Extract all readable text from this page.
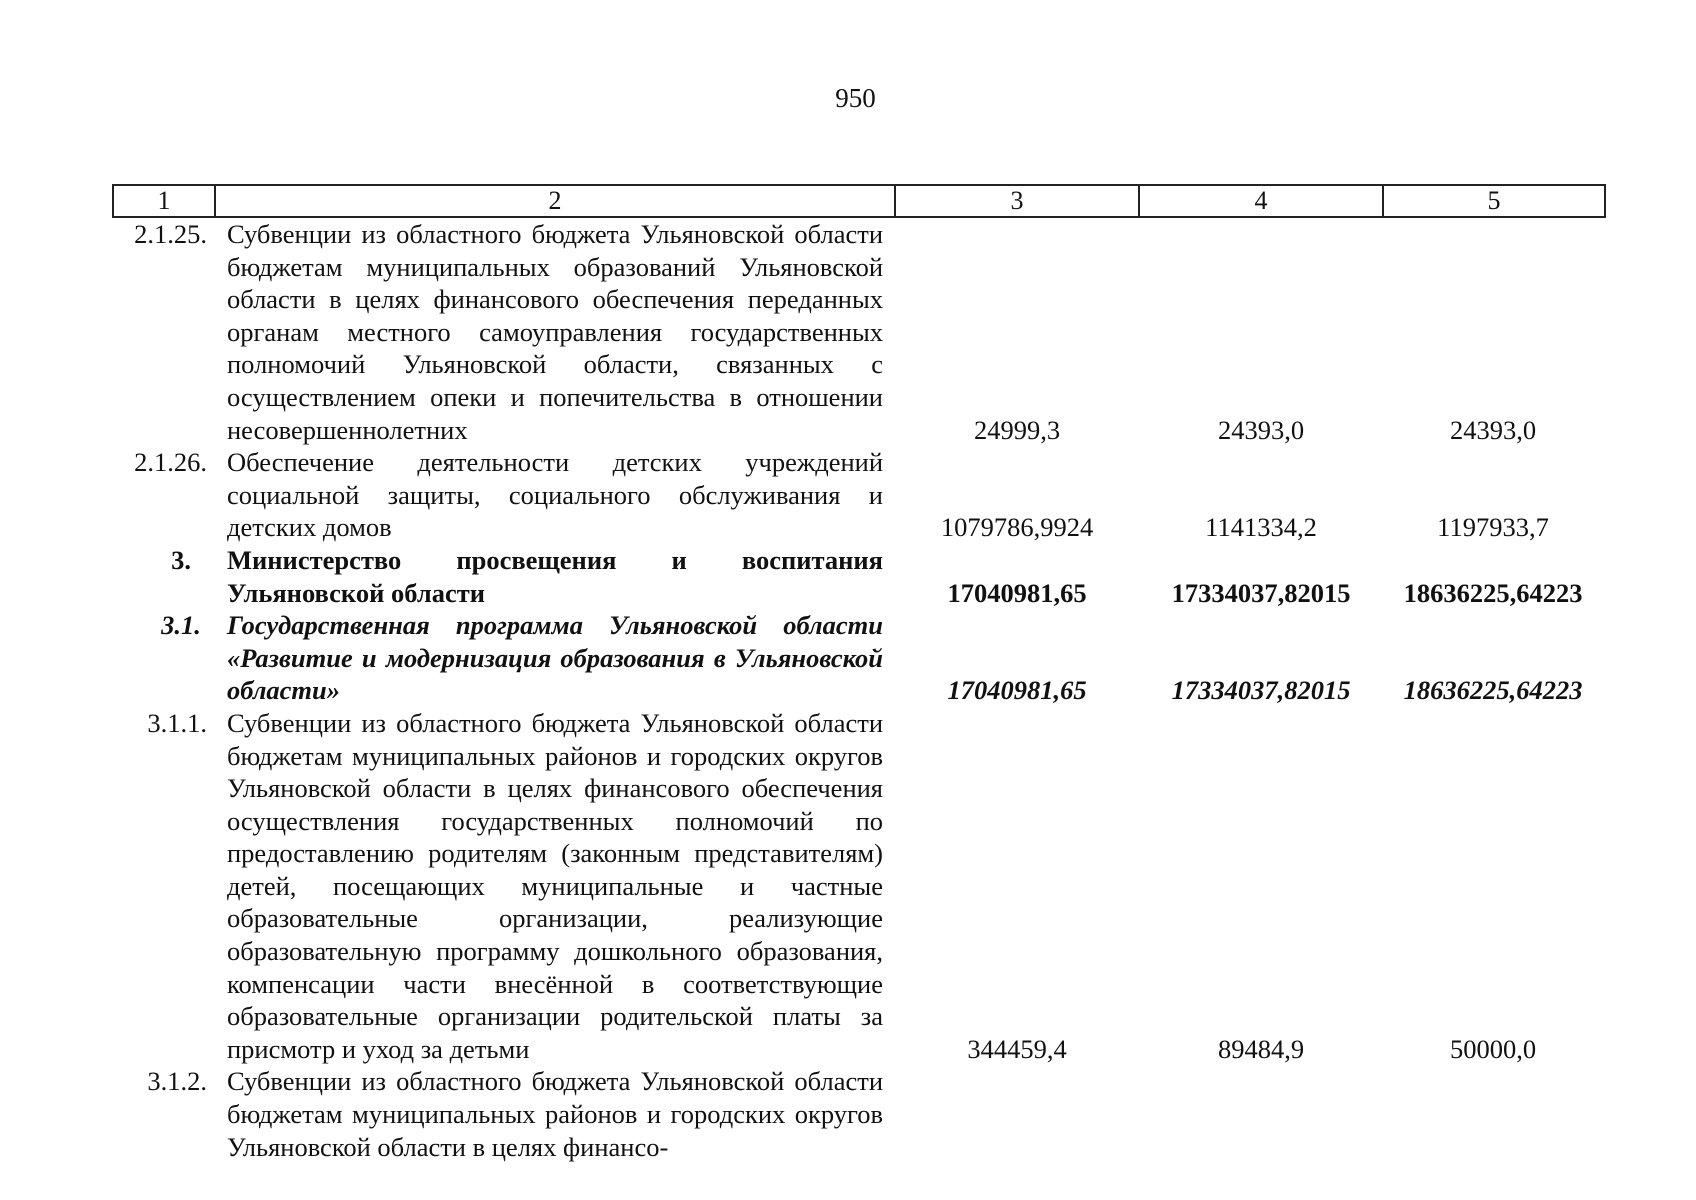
950
1	2	3	4	5
2.1.25.	Субвенции из областного бюджета Ульяновской области бюджетам муниципальных образований Ульяновской области в целях финансового обеспечения переданных органам местного самоуправления государственных полномочий Ульяновской области, связанных с осуществлением опеки и попечительства в отношении несовершеннолетних	24999,3	24393,0	24393,0
2.1.26.	Обеспечение деятельности детских учреждений социальной защиты, социального обслуживания и детских домов	1079786,9924	1141334,2	1197933,7
3.	Министерство просвещения и воспитания Ульяновской области	17040981,65	17334037,82015	18636225,64223
3.1.	Государственная программа Ульяновской области «Развитие и модернизация образования в Ульяновской области»	17040981,65	17334037,82015	18636225,64223
3.1.1.	Субвенции из областного бюджета Ульяновской области бюджетам муниципальных районов и городских округов Ульяновской области в целях финансового обеспечения осуществления государственных полномочий по предоставлению родителям (законным представителям) детей, посещающих муниципальные и частные образовательные организации, реализующие образовательную программу дошкольного образования, компенсации части внесённой в соответствующие образовательные организации родительской платы за присмотр и уход за детьми	344459,4	89484,9	50000,0
3.1.2.	Субвенции из областного бюджета Ульяновской области бюджетам муниципальных районов и городских округов Ульяновской области в целях финансо-			
